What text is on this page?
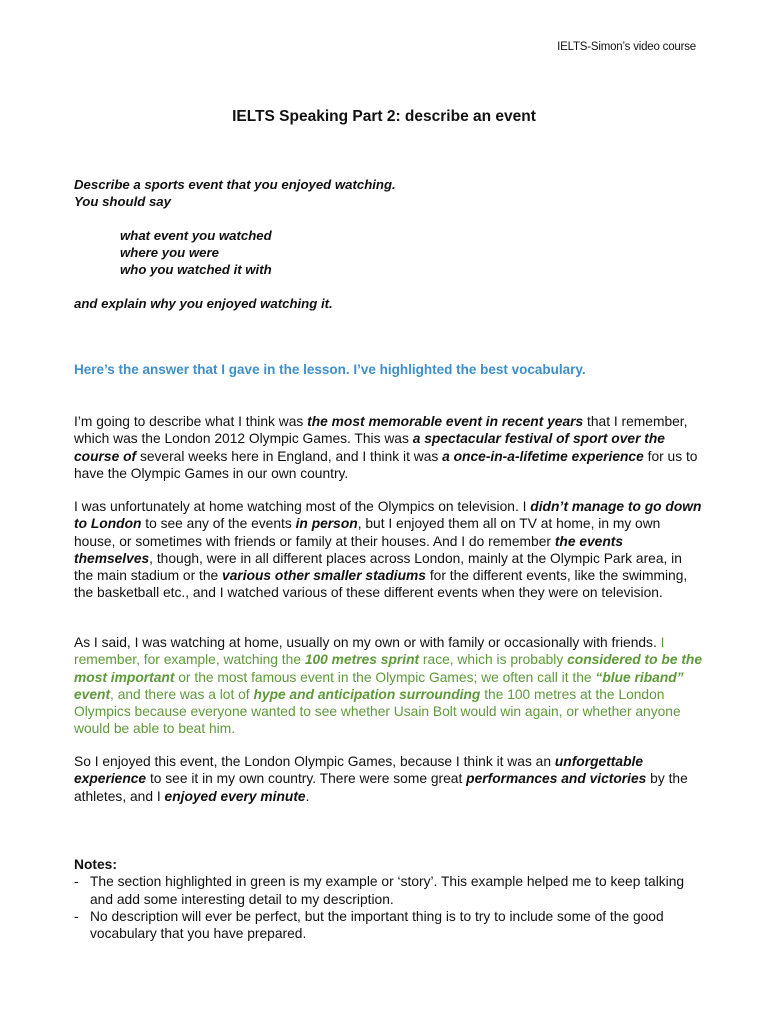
IELTS-Simon’s video course
IELTS Speaking Part 2: describe an event
Describe a sports event that you enjoyed watching.
You should say
what event you watched
where you were
who you watched it with
and explain why you enjoyed watching it.
Here’s the answer that I gave in the lesson. I’ve highlighted the best vocabulary.
I’m going to describe what I think was the most memorable event in recent years that I remember, which was the London 2012 Olympic Games. This was a spectacular festival of sport over the course of several weeks here in England, and I think it was a once-in-a-lifetime experience for us to have the Olympic Games in our own country.
I was unfortunately at home watching most of the Olympics on television. I didn’t manage to go down to London to see any of the events in person, but I enjoyed them all on TV at home, in my own house, or sometimes with friends or family at their houses. And I do remember the events themselves, though, were in all different places across London, mainly at the Olympic Park area, in the main stadium or the various other smaller stadiums for the different events, like the swimming, the basketball etc., and I watched various of these different events when they were on television.
As I said, I was watching at home, usually on my own or with family or occasionally with friends. I remember, for example, watching the 100 metres sprint race, which is probably considered to be the most important or the most famous event in the Olympic Games; we often call it the “blue riband” event, and there was a lot of hype and anticipation surrounding the 100 metres at the London Olympics because everyone wanted to see whether Usain Bolt would win again, or whether anyone would be able to beat him.
So I enjoyed this event, the London Olympic Games, because I think it was an unforgettable experience to see it in my own country. There were some great performances and victories by the athletes, and I enjoyed every minute.
Notes:
- The section highlighted in green is my example or ‘story’. This example helped me to keep talking and add some interesting detail to my description.
- No description will ever be perfect, but the important thing is to try to include some of the good vocabulary that you have prepared.
